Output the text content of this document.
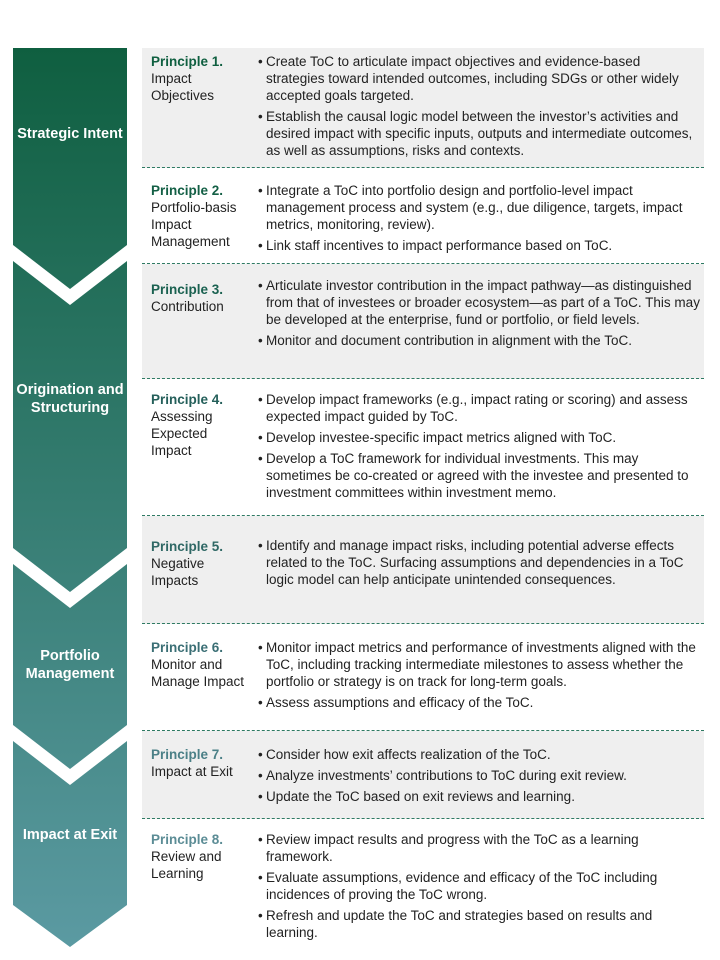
Strategic Intent
Origination and Structuring
Portfolio Management
Impact at Exit
Principle 1.
Impact Objectives
• Create ToC to articulate impact objectives and evidence-based strategies toward intended outcomes, including SDGs or other widely accepted goals targeted.
• Establish the causal logic model between the investor’s activities and desired impact with specific inputs, outputs and intermediate outcomes, as well as assumptions, risks and contexts.
Principle 2.
Portfolio-basis Impact Management
• Integrate a ToC into portfolio design and portfolio-level impact management process and system (e.g., due diligence, targets, impact metrics, monitoring, review).
• Link staff incentives to impact performance based on ToC.
Principle 3.
Contribution
• Articulate investor contribution in the impact pathway—as distinguished from that of investees or broader ecosystem—as part of a ToC. This may be developed at the enterprise, fund or portfolio, or field levels.
• Monitor and document contribution in alignment with the ToC.
Principle 4.
Assessing Expected Impact
• Develop impact frameworks (e.g., impact rating or scoring) and assess expected impact guided by ToC.
• Develop investee-specific impact metrics aligned with ToC.
• Develop a ToC framework for individual investments. This may sometimes be co-created or agreed with the investee and presented to investment committees within investment memo.
Principle 5.
Negative Impacts
• Identify and manage impact risks, including potential adverse effects related to the ToC. Surfacing assumptions and dependencies in a ToC logic model can help anticipate unintended consequences.
Principle 6.
Monitor and Manage Impact
• Monitor impact metrics and performance of investments aligned with the ToC, including tracking intermediate milestones to assess whether the portfolio or strategy is on track for long-term goals.
• Assess assumptions and efficacy of the ToC.
Principle 7.
Impact at Exit
• Consider how exit affects realization of the ToC.
• Analyze investments’ contributions to ToC during exit review.
• Update the ToC based on exit reviews and learning.
Principle 8.
Review and Learning
• Review impact results and progress with the ToC as a learning framework.
• Evaluate assumptions, evidence and efficacy of the ToC including incidences of proving the ToC wrong.
• Refresh and update the ToC and strategies based on results and learning.
